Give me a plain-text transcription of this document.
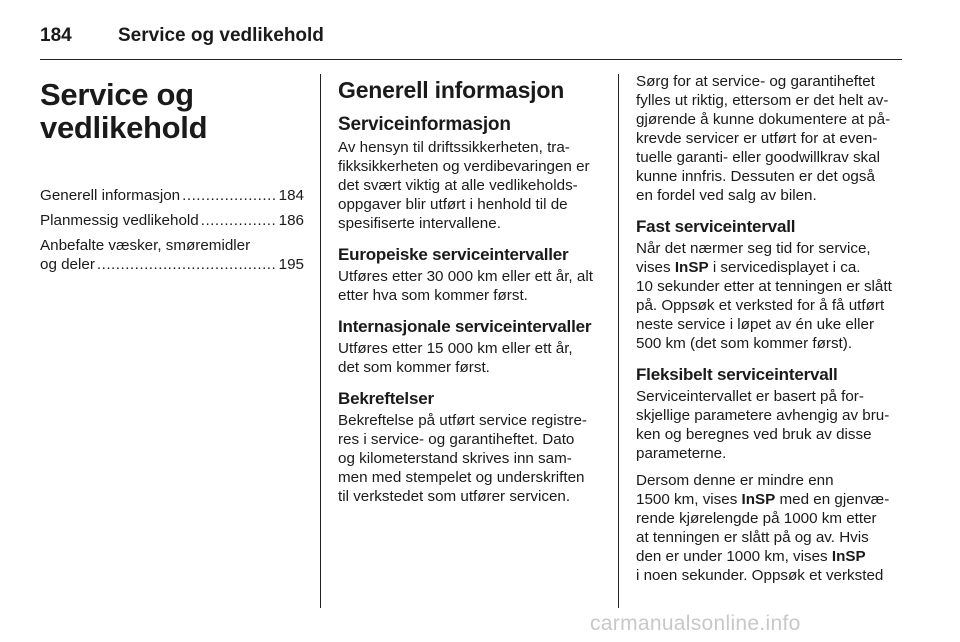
184	Service og vedlikehold
Service og
vedlikehold
Generell informasjon .....	184
Planmessig vedlikehold .....	186
Anbefalte væsker, smøremidler
og deler .....	195
Generell informasjon
Serviceinformasjon

Av hensyn til driftssikkerheten, tra-
fikksikkerheten og verdibevaringen er
det svært viktig at alle vedlikeholds-
oppgaver blir utført i henhold til de
spesifiserte intervallene.

Europeiske serviceintervaller

Utføres etter 30 000 km eller ett år, alt
etter hva som kommer først.

Internasjonale serviceintervaller

Utføres etter 15 000 km eller ett år,
det som kommer først.

Bekreftelser

Bekreftelse på utført service registre-
res i service- og garantiheftet. Dato
og kilometerstand skrives inn sam-
men med stempelet og underskriften
til verkstedet som utfører servicen.

Sørg for at service- og garantiheftet
fylles ut riktig, ettersom er det helt av-
gjørende å kunne dokumentere at på-
krevde servicer er utført for at even-
tuelle garanti- eller goodwillkrav skal
kunne innfris. Dessuten er det også
en fordel ved salg av bilen.

Fast serviceintervall

Når det nærmer seg tid for service,
vises InSP i servicedisplayet i ca.
10 sekunder etter at tenningen er slått
på. Oppsøk et verksted for å få utført
neste service i løpet av én uke eller
500 km (det som kommer først).

Fleksibelt serviceintervall

Serviceintervallet er basert på for-
skjellige parametere avhengig av bru-
ken og beregnes ved bruk av disse
parameterne.

Dersom denne er mindre enn
1500 km, vises InSP med en gjenvæ-
rende kjørelengde på 1000 km etter
at tenningen er slått på og av. Hvis
den er under 1000 km, vises InSP
i noen sekunder. Oppsøk et verksted

carmanualsonline.info
